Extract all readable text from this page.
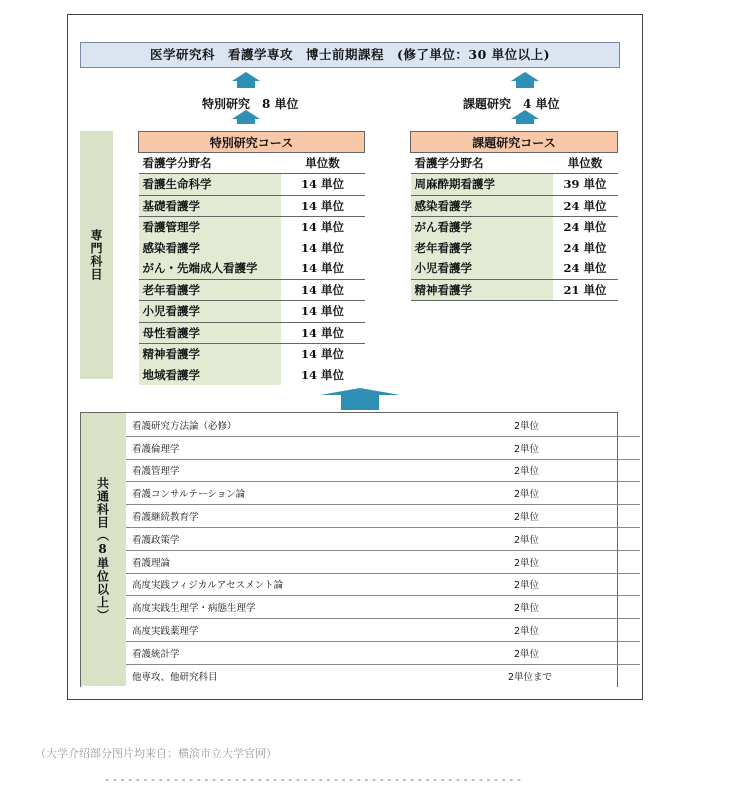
医学研究科　看護学専攻　博士前期課程　(修了単位：30 単位以上)
特別研究　8 単位	課題研究　4 単位
専門科目
特別研究コース	
看護学分野名	単位数
看護生命科学	14 単位
基礎看護学	14 単位
看護管理学	14 単位
感染看護学	14 単位
がん・先端成人看護学	14 単位
老年看護学	14 単位
小児看護学	14 単位
母性看護学	14 単位
精神看護学	14 単位
地域看護学	14 単位
課題研究コース	
看護学分野名	単位数
周麻酔期看護学	39 単位
感染看護学	24 単位
がん看護学	24 単位
老年看護学	24 単位
小児看護学	24 単位
精神看護学	21 単位
共通科目（8単位以上）
看護研究方法論（必修）	2単位
看護倫理学	2単位
看護管理学	2単位
看護コンサルテーション論	2単位
看護継続教育学	2単位
看護政策学	2単位
看護理論	2単位
高度実践フィジカルアセスメント論	2単位
高度実践生理学・病態生理学	2単位
高度実践薬理学	2単位
看護統計学	2単位
他専攻、他研究科目	2単位まで
（大学介绍部分图片均来自：横滨市立大学官网）
-------------------------------------------------------
